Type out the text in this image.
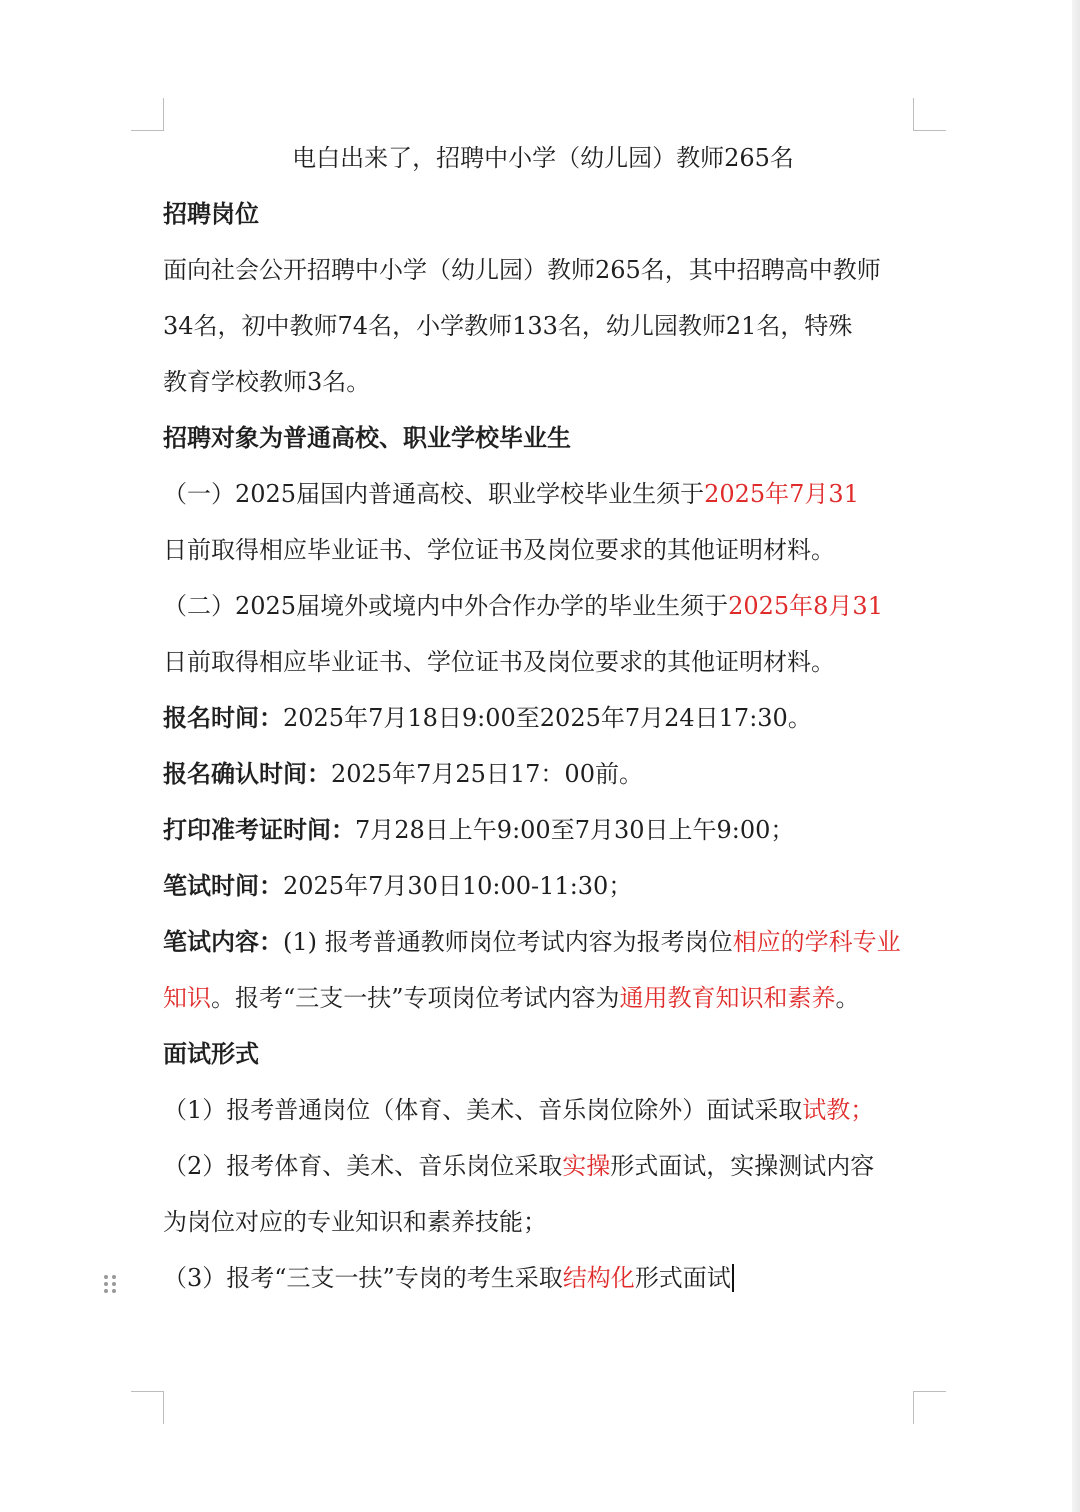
电白出来了，招聘中小学（幼儿园）教师265名
招聘岗位
面向社会公开招聘中小学（幼儿园）教师265名，其中招聘高中教师
34名，初中教师74名，小学教师133名，幼儿园教师21名，特殊
教育学校教师3名。
招聘对象为普通高校、职业学校毕业生
（一）2025届国内普通高校、职业学校毕业生须于2025年7月31
日前取得相应毕业证书、学位证书及岗位要求的其他证明材料。
（二）2025届境外或境内中外合作办学的毕业生须于2025年8月31
日前取得相应毕业证书、学位证书及岗位要求的其他证明材料。
报名时间：2025年7月18日9:00至2025年7月24日17:30。
报名确认时间：2025年7月25日17：00前。
打印准考证时间：7月28日上午9:00至7月30日上午9:00；
笔试时间：2025年7月30日10:00-11:30；
笔试内容：(1) 报考普通教师岗位考试内容为报考岗位相应的学科专业知识。报考“三支一扶”专项岗位考试内容为通用教育知识和素养。
面试形式
（1）报考普通岗位（体育、美术、音乐岗位除外）面试采取试教；
（2）报考体育、美术、音乐岗位采取实操形式面试，实操测试内容
为岗位对应的专业知识和素养技能；
（3）报考“三支一扶”专岗的考生采取结构化形式面试
